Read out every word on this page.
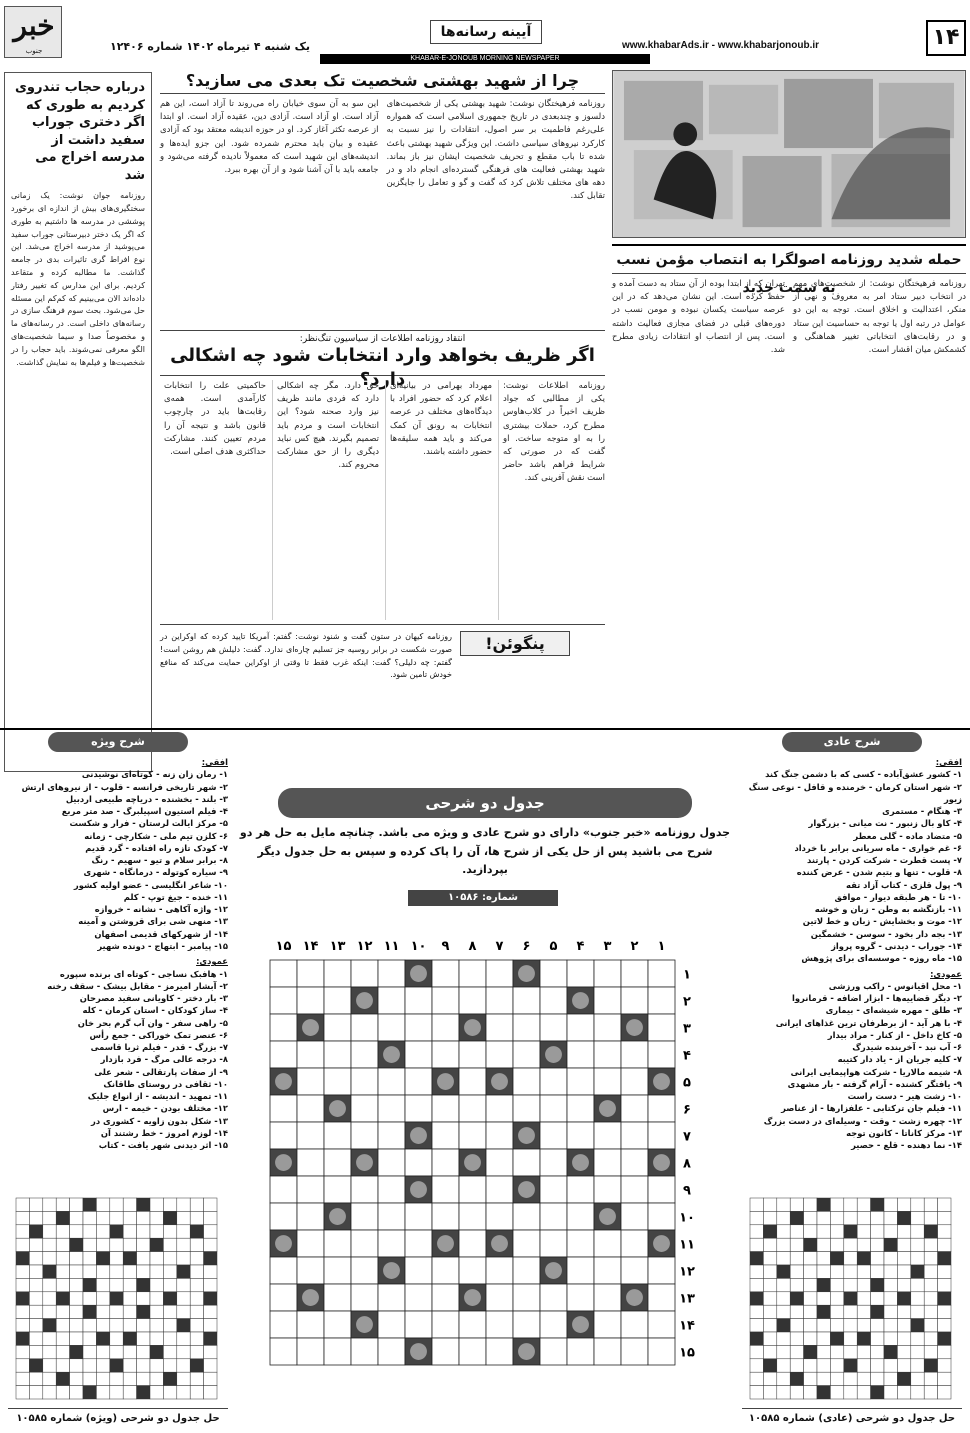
خبر
جنوب	یک شنبه ۴ تیرماه ۱۴۰۲ شماره ۱۲۴۰۶
آیینه رسانه‌ها
www.khabarAds.ir - www.khabarjonoub.ir	۱۴
KHABAR-E-JONOUB MORNING NEWSPAPER
درباره حجاب تندروی کردیم به طوری که اگر دختری جوراب سفید داشت از مدرسه اخراج می شد
روزنامه جوان نوشت: یک زمانی سختگیری‌های بیش از اندازه ای برخورد پوششی در مدرسه ها داشتیم به طوری که اگر یک دختر دبیرستانی جوراب سفید می‌پوشید از مدرسه اخراج می‌شد. این نوع افراط گری تاثیرات بدی در جامعه گذاشت. ما مطالبه کرده و متقاعد کردیم. برای این مدارس که تغییر رفتار داده‌اند الان می‌بینیم که کم‌کم این مسئله حل می‌شود. بحث سوم فرهنگ سازی در رسانه‌های داخلی است. در رسانه‌های ما و مخصوصاً صدا و سیما شخصیت‌های الگو معرفی نمی‌شوند. باید حجاب را در شخصیت‌ها و فیلم‌ها به نمایش گذاشت.
چرا از شهید بهشتی شخصیت تک بعدی می سازید؟
روزنامه فرهیختگان نوشت: شهید بهشتی یکی از شخصیت‌های دلسوز و چندبعدی در تاریخ جمهوری اسلامی است که همواره علی‌رغم فاطمیت بر سر اصول، انتقادات را نیز نسبت به کارکرد نیروهای سیاسی داشت. این ویژگی شهید بهشتی باعث شده تا باب مقطع و تحریف شخصیت ایشان نیز باز بماند. شهید بهشتی فعالیت های فرهنگی گسترده‌ای انجام داد و در دهه های مختلف تلاش کرد که گفت و گو و تعامل را جایگزین تقابل کند.
این سو به آن سوی خیابان راه می‌روند تا آزاد است، این هم آزاد است. او آزاد است. آزادی دین، عقیده آزاد است. او ابتدا از عرصه تکثر آغاز کرد. او در حوزه اندیشه معتقد بود که آزادی عقیده و بیان باید محترم شمرده شود. این جزو ایده‌ها و اندیشه‌های این شهید است که معمولاً نادیده گرفته می‌شود و جامعه باید با آن آشنا شود و از آن بهره ببرد.
انتقاد روزنامه اطلاعات از سیاسیون تنگ‌نظر:
اگر ظریف بخواهد وارد انتخابات شود چه اشکالی دارد؟	روزنامه اطلاعات نوشت: یکی از مطالبی که جواد ظریف اخیراً در کلاب‌هاوس مطرح کرد، حملات بیشتری را به او متوجه ساخت. او گفت که در صورتی که شرایط فراهم باشد حاضر است نقش آفرینی کند.
مهرداد بهرامی در بیانیه‌ای اعلام کرد که حضور افراد با دیدگاه‌های مختلف در عرصه انتخابات به رونق آن کمک می‌کند و باید همه سلیقه‌ها حضور داشته باشند.
حق دارد. مگر چه اشکالی دارد که فردی مانند ظریف نیز وارد صحنه شود؟ این انتخابات است و مردم باید تصمیم بگیرند. هیچ کس نباید دیگری را از حق مشارکت محروم کند.
حاکمیتی علت را انتخابات کارآمدی است. همه‌ی رقابت‌ها باید در چارچوب قانون باشد و نتیجه آن را مردم تعیین کنند. مشارکت حداکثری هدف اصلی است.
پنگوئن!
روزنامه کیهان در ستون گفت و شنود نوشت: گفتم: آمریکا تایید کرده که اوکراین در صورت شکست در برابر روسیه جز تسلیم چاره‌ای ندارد. گفت: دلیلش هم روشن است! گفتم: چه دلیلی؟ گفت: اینکه غرب فقط تا وقتی از اوکراین حمایت می‌کند که منافع خودش تامین شود.
حمله شدید روزنامه اصولگرا به انتصاب مؤمن نسب به سمت جدید
روزنامه فرهیختگان نوشت: از شخصیت‌های مهم در انتخاب دبیر ستاد امر به معروف و نهی از منکر، اعتدالیت و اخلاق است. توجه به این دو عوامل در رتبه اول یا توجه به حساسیت این ستاد و در رقابت‌های انتخاباتی تغییر هماهنگی و کشمکش میان اقشار است.
تهران که از ابتدا بوده از آن ستاد به دست آمده و حفظ کرده است. این نشان می‌دهد که در این عرصه سیاست یکسان نبوده و مومن نسب در دوره‌های قبلی در فضای مجازی فعالیت داشته است. پس از انتصاب او انتقادات زیادی مطرح شد.
شرح ویژه
افقی:
۱- رمان زان زنه - کوتاه‌ای نوشیدنی
۲- شهر تاریخی فرانسه - قلوب - از نیروهای ارتش
۳- بلند - بخشنده - دریاچه طبیعی اردبیل
۴- فیلم استیون اسپیلبرگ - صد متر مربع
۵- مرکز ایالت لرستان - فرار و شکست
۶- کلزن تیم ملی - شکارچی - زمانه
۷- کودک تازه راه افتاده - گرد قدیم
۸- برابر سلام و تیو - سهیم - رنگ
۹- سیاره کوتوله - درمانگاه - شهری
۱۰- شاعر انگلیسی - عضو اولیه کشور
۱۱- خنده - جیغ توپ - کلم
۱۲- واژه آکاهی - نشانه - خروازه
۱۳- منهی شی برای قروشتن و آمینه
۱۴- از شهرکهای قدیمی اصفهان
۱۵- پیامبر - ابتهاج - دونده شهیر
عمودی:
۱- هافبک نساجی - کوتاه ای برنده سپوره
۲- آبشار امیرمز - مقابل بیشک - سقف رخنه
۳- بار دختر - کاویانی سفید مصرحان
۴- ساز کودکان - استان کرمان - کله
۵- راهی سفر - وان آب گرم بحر خان
۶- عنصر تمک خوراکی - جمع رأس
۷- بزرگ - قدر - فیلم ثریا قاسمی
۸- درجه عالی مرگ - فرد بازدار
۹- از صفات پارتقالی - شعر علی
۱۰- ثقافی در روستای طاقانک
۱۱- تمهید - اندیشه - از انواع جلیک
۱۲- مختلف بودن - خیمه - ارس
۱۳- شکل بدون زاویه - کشوری در
۱۴- لوزم امروز - خط رشتند آن
۱۵- اثر دیدنی شهر یافت - کتاب
شرح عادی
افقی:
۱- کشور عشق‌آباده - کسی که با دشمن جنگ کند
۲- شهر استان کرمان - خرمنده و قافل - نوعی سنگ زیور
۳- هنگام - مستمری
۴- کاو بال زنبور - نت میانی - بزرگوار
۵- متضاد ماده - گلی معطر
۶- غم خواری - ماه سریانی برابر با خرداد
۷- پست قطرت - شرکت کردن - پارتند
۸- قلوب - تنها و بتیم شدن - عرض کننده
۹- پول قلزی - کتاب آزاد تقه
۱۰- تا - هر طبقه دیوار - موافق
۱۱- بازنگشه به وطن - زبان و خوشه
۱۲- موت و بخشایش - زبان و خط لاتین
۱۳- بجه دار بخود - سوسن - خشمگین
۱۴- جوراب - دیدنی - گروه پرواز
۱۵- ماه روزه - موسسه‌ای برای پژوهش
عمودی:
۱- محل اقیانوس - راکب ورزشی
۲- دیگر قضاییه‌ها - ابزار اضافه - قرمانروا
۳- طلق - مهره شیشه‌ای - بیماری
۴- با هر آید - از برطرفان ترین غذاهای ایرانی
۵- کاخ داخل - از کنار - مراد بیدار
۶- آب نبد - آخرینده شیدرگ
۷- کلیه جریان از - یاد دار کتیبه
۸- شیمه مالاریا - شرکت هواپیمایی ایرانی
۹- یافتگر کشنده - آرام گرفته - بار مشهدی
۱۰- زشت هیر - دست راست
۱۱- فیلم جان ترکتابی - علفزارها - از عناصر
۱۲- چهره زشت - وقت - وسیله‌ای در دست بزرگ
۱۳- مرکز کاناتا - کانون توجه
۱۴- نما دهنده - قلع - حصیر
جدول دو شرحی
جدول روزنامه «خبر جنوب» دارای دو شرح عادی و ویژه می باشد. چنانچه مایل به حل هر دو شرح می باشید پس از حل یکی از شرح ها، آن را پاک کرده و سپس به حل جدول دیگر بپردازید.
شماره: ۱۰۵۸۶
۱۵ ۱۴ ۱۳ ۱۲ ۱۱ ۱۰ ۹ ۸ ۷ ۶ ۵ ۴ ۳ ۲ ۱
۱
۲
۳
۴
۵
۶
۷
۸
۹
۱۰
۱۱
۱۲
۱۳
۱۴
۱۵
حل جدول دو شرحی (ویژه) شماره ۱۰۵۸۵	حل جدول دو شرحی (عادی) شماره ۱۰۵۸۵
